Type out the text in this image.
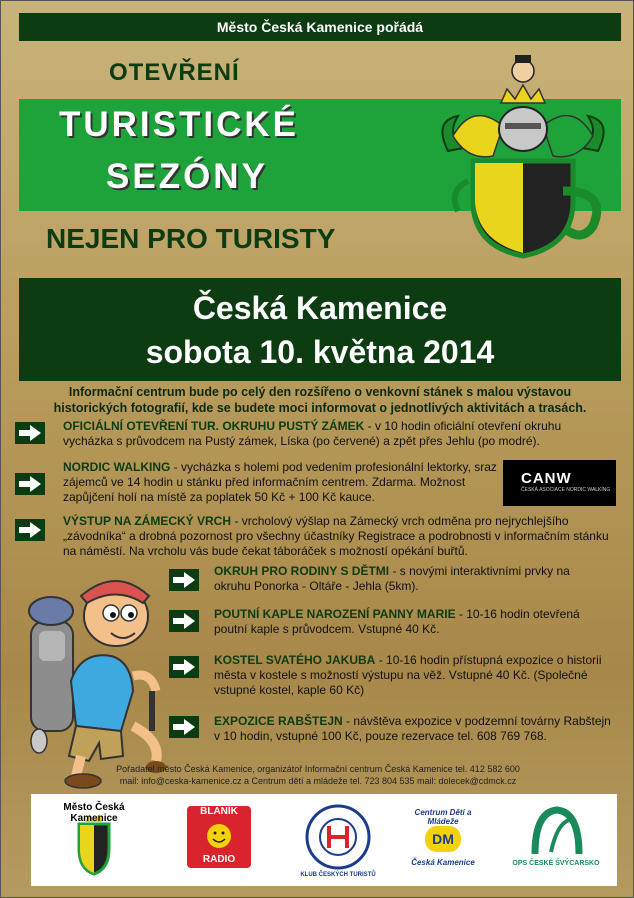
Město Česká Kamenice pořádá
OTEVŘENÍ
TURISTICKÉ
SEZÓNY
NEJEN PRO TURISTY
Česká Kamenice
sobota 10. května 2014
Informační centrum bude po celý den rozšířeno o venkovní stánek s malou výstavou historických fotografií, kde se budete moci informovat o jednotlivých aktivitách a trasách.
OFICIÁLNÍ OTEVŘENÍ TUR. OKRUHU PUSTÝ ZÁMEK - v 10 hodin oficiální otevření okruhu vycházka s průvodcem na Pustý zámek, Líska (po červené) a zpět přes Jehlu (po modré).
NORDIC WALKING - vycházka s holemi pod vedením profesionální lektorky, sraz zájemců ve 14 hodin u stánku před informačním centrem. Zdarma. Možnost zapůjčení holí na místě za poplatek 50 Kč + 100 Kč kauce.
CANW
ČESKÁ ASOCIACE NORDIC WALKING
VÝSTUP NA ZÁMECKÝ VRCH - vrcholový výšlap na Zámecký vrch odměna pro nejrychlejšího „závodníka“ a drobná pozornost pro všechny účastníky Registrace a podrobnosti v informačním stánku na náměstí. Na vrcholu vás bude čekat táboráček s možností opékání buřtů.
OKRUH PRO RODINY S DĚTMI - s novými interaktivními prvky na okruhu Ponorka - Oltáře - Jehla (5km).
POUTNÍ KAPLE NAROZENÍ PANNY MARIE - 10-16 hodin otevřená poutní kaple s průvodcem. Vstupné 40 Kč.
KOSTEL SVATÉHO JAKUBA - 10-16 hodin přístupná expozice o historii města v kostele s možností výstupu na věž. Vstupné 40 Kč. (Společné vstupné kostel, kaple 60 Kč)
EXPOZICE RABŠTEJN - návštěva expozice v podzemní továrny Rabštejn v 10 hodin, vstupné 100 Kč, pouze rezervace tel. 608 769 768.
Pořadatel město Česká Kamenice, organizátoř Informační centrum Česká Kamenice tel. 412 582 600
mail: info@ceska-kamenice.cz a Centrum dětí a mládeže tel. 723 804 535 mail: dolecek@cdmck.cz
Město Česká Kamenice
BLANÍK
RADIO
KLUB ČESKÝCH TURISTŮ
Centrum Dětí a Mládeže
DM
Česká Kamenice	OPS ČESKÉ ŠVÝCARSKO
